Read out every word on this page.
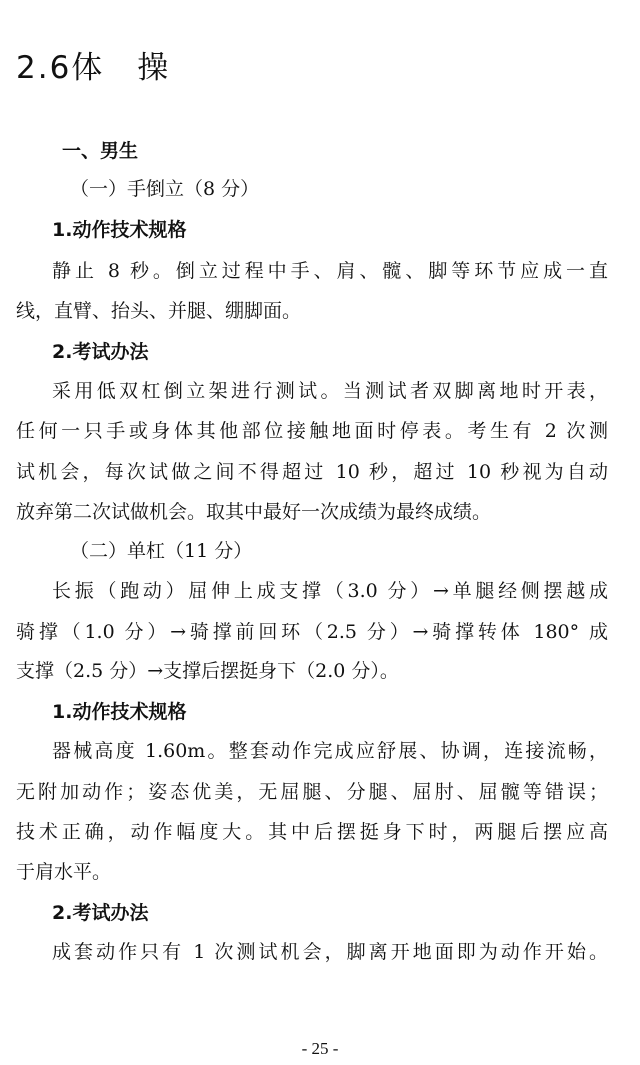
2.6体　操

一、男生

（一）手倒立（8 分）

1.动作技术规格

静止 8 秒。倒立过程中手、肩、髋、脚等环节应成一直

线，直臂、抬头、并腿、绷脚面。

2.考试办法

采用低双杠倒立架进行测试。当测试者双脚离地时开表，

任何一只手或身体其他部位接触地面时停表。考生有 2 次测

试机会，每次试做之间不得超过 10 秒，超过 10 秒视为自动

放弃第二次试做机会。取其中最好一次成绩为最终成绩。

（二）单杠（11 分）

长振（跑动）屈伸上成支撑（3.0 分）→单腿经侧摆越成

骑撑（1.0 分）→骑撑前回环（2.5 分）→骑撑转体 180° 成

支撑（2.5 分）→支撑后摆挺身下（2.0 分）。

1.动作技术规格

器械高度 1.60m。整套动作完成应舒展、协调，连接流畅，

无附加动作；姿态优美，无屈腿、分腿、屈肘、屈髋等错误；

技术正确，动作幅度大。其中后摆挺身下时，两腿后摆应高

于肩水平。

2.考试办法

成套动作只有 1 次测试机会，脚离开地面即为动作开始。

- 25 -
